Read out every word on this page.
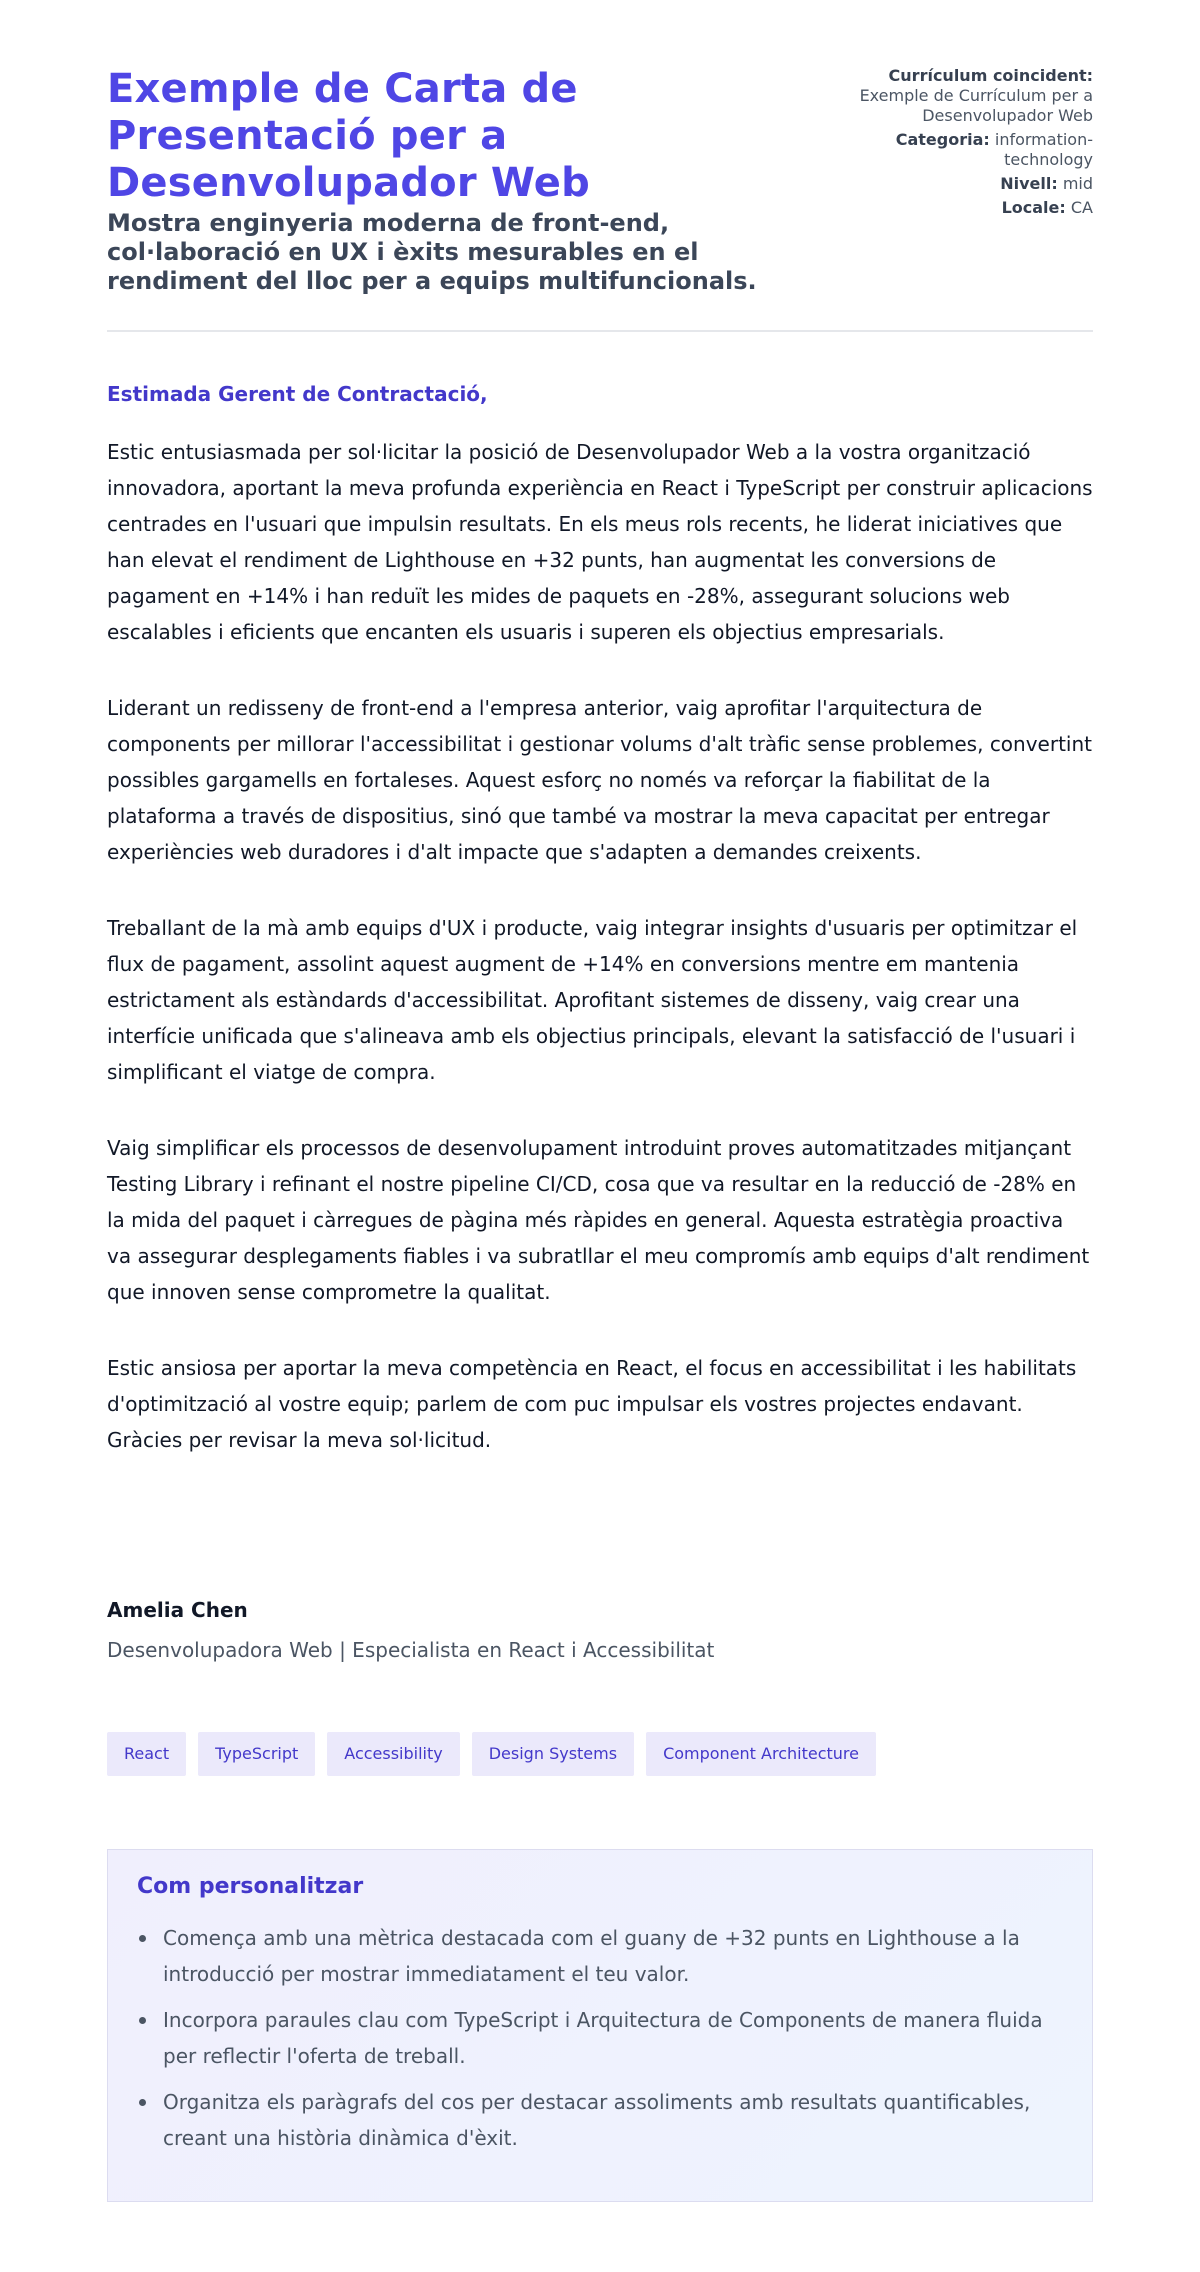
Exemple de Carta de Presentació per a Desenvolupador Web
Mostra enginyeria moderna de front-end, col·laboració en UX i èxits mesurables en el rendiment del lloc per a equips multifuncionals.
Currículum coincident:
Exemple de Currículum per a Desenvolupador Web
Categoria: information-technology
Nivell: mid
Locale: CA

Estimada Gerent de Contractació,

Estic entusiasmada per sol·licitar la posició de Desenvolupador Web a la vostra organització innovadora, aportant la meva profunda experiència en React i TypeScript per construir aplicacions centrades en l'usuari que impulsin resultats. En els meus rols recents, he liderat iniciatives que han elevat el rendiment de Lighthouse en +32 punts, han augmentat les conversions de pagament en +14% i han reduït les mides de paquets en -28%, assegurant solucions web escalables i eficients que encanten els usuaris i superen els objectius empresarials.

Liderant un redisseny de front-end a l'empresa anterior, vaig aprofitar l'arquitectura de components per millorar l'accessibilitat i gestionar volums d'alt tràfic sense problemes, convertint possibles gargamells en fortaleses. Aquest esforç no només va reforçar la fiabilitat de la plataforma a través de dispositius, sinó que també va mostrar la meva capacitat per entregar experiències web duradores i d'alt impacte que s'adapten a demandes creixents.

Treballant de la mà amb equips d'UX i producte, vaig integrar insights d'usuaris per optimitzar el flux de pagament, assolint aquest augment de +14% en conversions mentre em mantenia estrictament als estàndards d'accessibilitat. Aprofitant sistemes de disseny, vaig crear una interfície unificada que s'alineava amb els objectius principals, elevant la satisfacció de l'usuari i simplificant el viatge de compra.

Vaig simplificar els processos de desenvolupament introduint proves automatitzades mitjançant Testing Library i refinant el nostre pipeline CI/CD, cosa que va resultar en la reducció de -28% en la mida del paquet i càrregues de pàgina més ràpides en general. Aquesta estratègia proactiva va assegurar desplegaments fiables i va subratllar el meu compromís amb equips d'alt rendiment que innoven sense comprometre la qualitat.

Estic ansiosa per aportar la meva competència en React, el focus en accessibilitat i les habilitats d'optimització al vostre equip; parlem de com puc impulsar els vostres projectes endavant. Gràcies per revisar la meva sol·licitud.

Amelia Chen
Desenvolupadora Web | Especialista en React i Accessibilitat
React	TypeScript	Accessibility	Design Systems	Component Architecture
Com personalitzar
Comença amb una mètrica destacada com el guany de +32 punts en Lighthouse a la introducció per mostrar immediatament el teu valor.
Incorpora paraules clau com TypeScript i Arquitectura de Components de manera fluida per reflectir l'oferta de treball.
Organitza els paràgrafs del cos per destacar assoliments amb resultats quantificables, creant una història dinàmica d'èxit.
